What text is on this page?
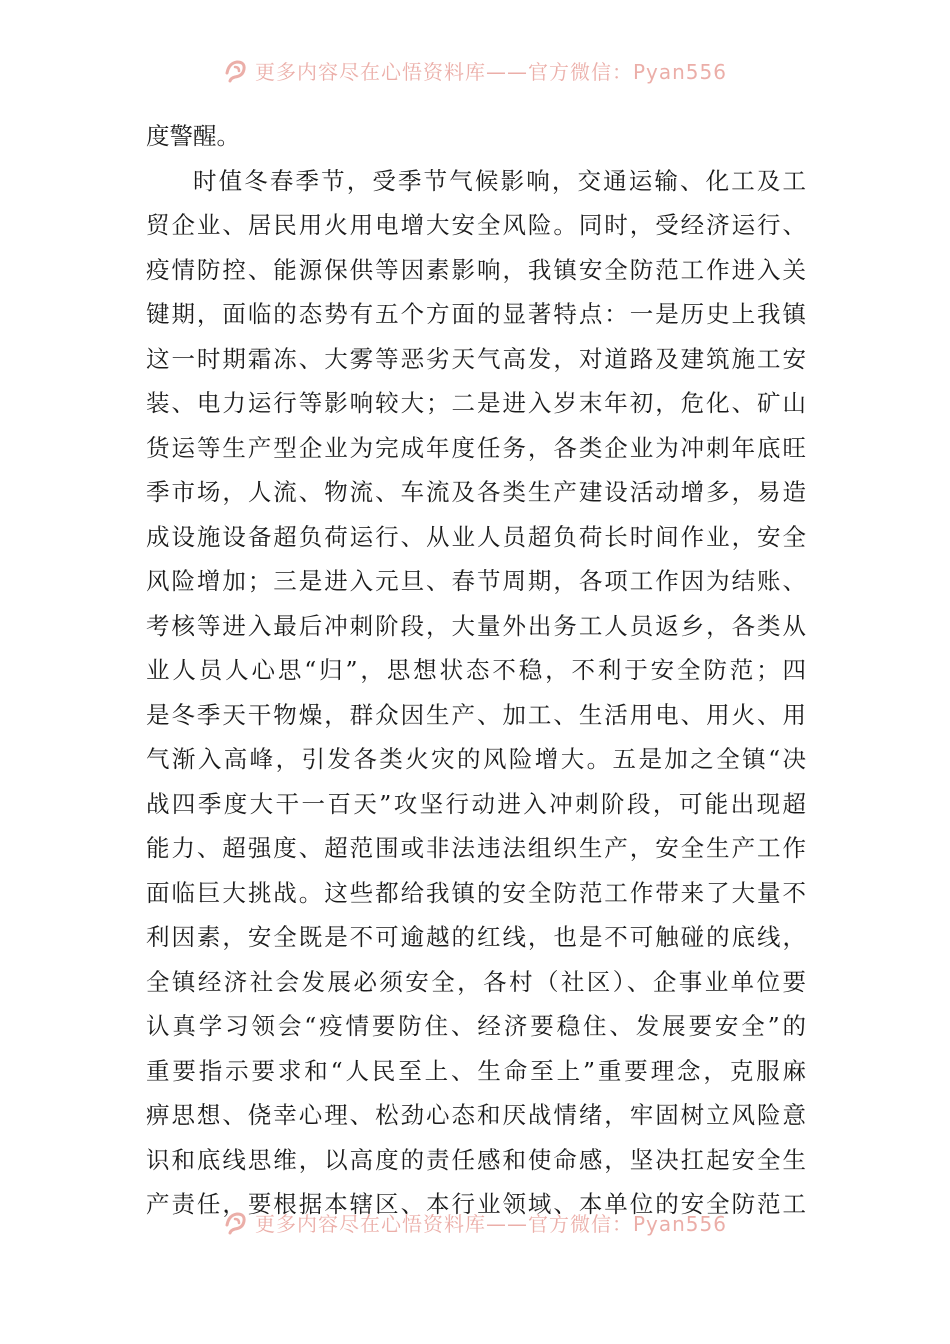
更多内容尽在心悟资料库——官方微信：Pyan556
度警醒。
时值冬春季节，受季节气候影响，交通运输、化工及工
贸企业、居民用火用电增大安全风险。同时，受经济运行、
疫情防控、能源保供等因素影响，我镇安全防范工作进入关
键期，面临的态势有五个方面的显著特点：一是历史上我镇
这一时期霜冻、大雾等恶劣天气高发，对道路及建筑施工安
装、电力运行等影响较大；二是进入岁末年初，危化、矿山
货运等生产型企业为完成年度任务，各类企业为冲刺年底旺
季市场，人流、物流、车流及各类生产建设活动增多，易造
成设施设备超负荷运行、从业人员超负荷长时间作业，安全
风险增加；三是进入元旦、春节周期，各项工作因为结账、
考核等进入最后冲刺阶段，大量外出务工人员返乡，各类从
业人员人心思“归”，思想状态不稳，不利于安全防范；四
是冬季天干物燥，群众因生产、加工、生活用电、用火、用
气渐入高峰，引发各类火灾的风险增大。五是加之全镇“决
战四季度大干一百天”攻坚行动进入冲刺阶段，可能出现超
能力、超强度、超范围或非法违法组织生产，安全生产工作
面临巨大挑战。这些都给我镇的安全防范工作带来了大量不
利因素，安全既是不可逾越的红线，也是不可触碰的底线，
全镇经济社会发展必须安全，各村（社区）、企事业单位要
认真学习领会“疫情要防住、经济要稳住、发展要安全”的
重要指示要求和“人民至上、生命至上”重要理念，克服麻
痹思想、侥幸心理、松劲心态和厌战情绪，牢固树立风险意
识和底线思维，以高度的责任感和使命感，坚决扛起安全生
产责任，要根据本辖区、本行业领域、本单位的安全防范工
更多内容尽在心悟资料库——官方微信：Pyan556
